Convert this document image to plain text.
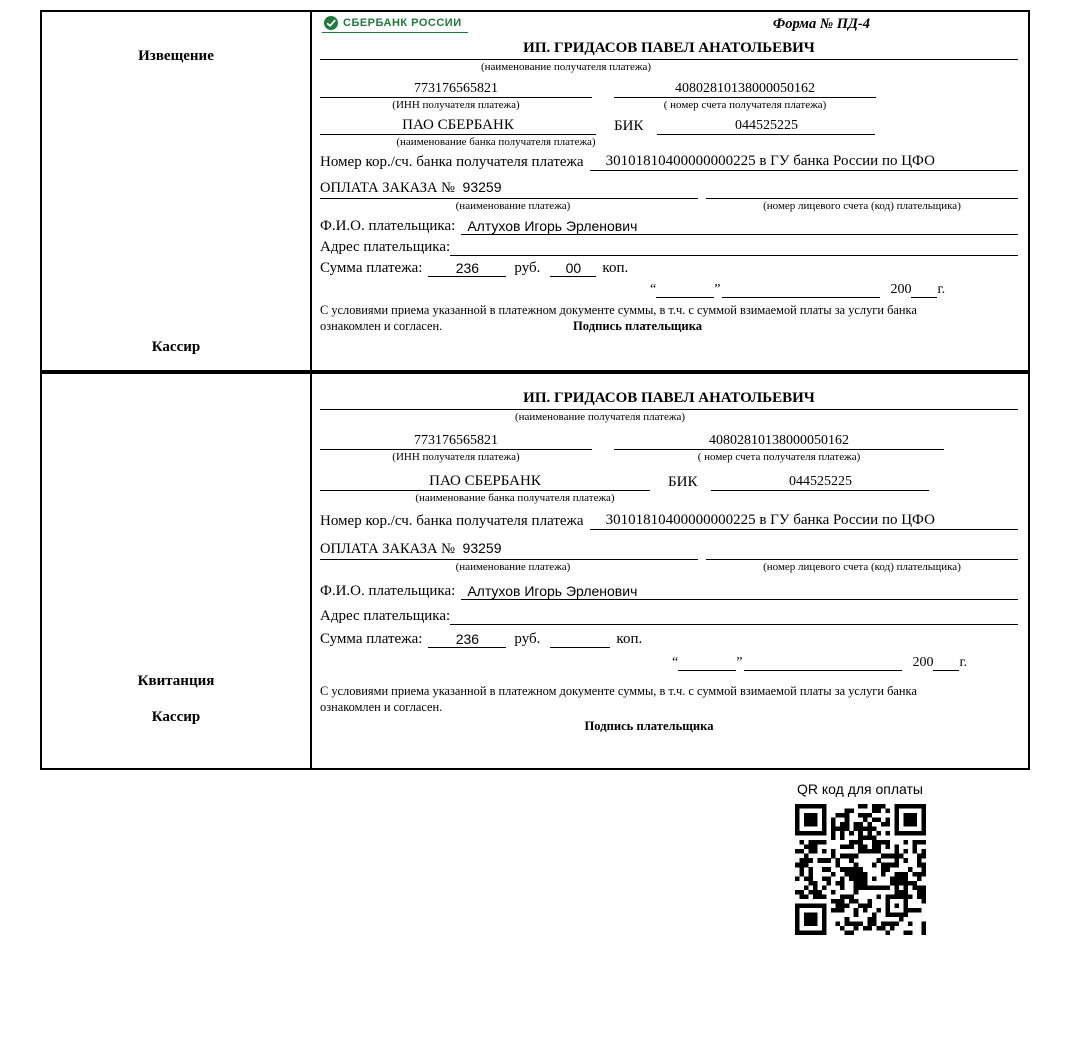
Извещение
Кассир
СБЕРБАНК РОССИИ	Форма № ПД-4
ИП. ГРИДАСОВ ПАВЕЛ АНАТОЛЬЕВИЧ
(наименование получателя платежа)
773176565821	40802810138000050162
(ИНН получателя платежа)	( номер счета получателя платежа)
ПАО СБЕРБАНК	БИК	044525225
(наименование банка получателя платежа)
Номер кор./сч. банка получателя платежа	30101810400000000225 в ГУ банка России по ЦФО
ОПЛАТА ЗАКАЗА № 93259
(наименование платежа)	(номер лицевого счета (код) плательщика)
Ф.И.О. плательщика: Алтухов Игорь Эрленович
Адрес плательщика:
Сумма платежа:	236	руб.	00	коп.
“	”	200 г.
С условиями приема указанной в платежном документе суммы, в т.ч. с суммой взимаемой платы за услуги банка ознакомлен и согласен.	Подпись плательщика
Квитанция
Кассир
ИП. ГРИДАСОВ ПАВЕЛ АНАТОЛЬЕВИЧ
(наименование получателя платежа)
773176565821	40802810138000050162
(ИНН получателя платежа)	( номер счета получателя платежа)
ПАО СБЕРБАНК	БИК	044525225
(наименование банка получателя платежа)
Номер кор./сч. банка получателя платежа	30101810400000000225 в ГУ банка России по ЦФО
ОПЛАТА ЗАКАЗА № 93259
(наименование платежа)	(номер лицевого счета (код) плательщика)
Ф.И.О. плательщика: Алтухов Игорь Эрленович
Адрес плательщика:
Сумма платежа:	236	руб.	коп.
“	”	200 г.
С условиями приема указанной в платежном документе суммы, в т.ч. с суммой взимаемой платы за услуги банка ознакомлен и согласен.
Подпись плательщика
QR код для оплаты
